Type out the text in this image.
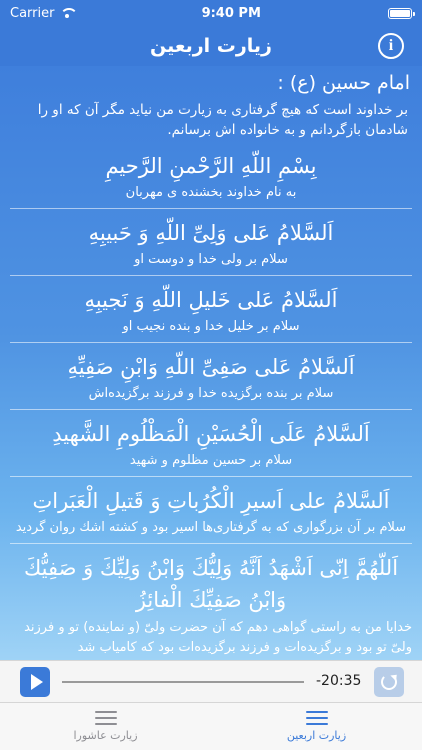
Carrier	9:40 PM
زیارت اربعین	i
امام حسین (ع) :
بر خداوند است که هیچ گرفتاری به زیارت من نیاید مگر آن که او را شادمان بازگردانم و به خانواده اش برسانم.
بِسْمِ اللّهِ الرَّحْمنِ الرَّحيمِ
به نام خداوند بخشنده ی مهربان
اَلسَّلامُ عَلی وَلِیِّ اللّهِ وَ حَبيبِهِ
سلام بر ولی خدا و دوست او
اَلسَّلامُ عَلی خَليلِ اللّهِ وَ نَجيبِهِ
سلام بر خلیل خدا و بنده نجیب او
اَلسَّلامُ عَلی صَفِیِّ اللّهِ وَابْنِ صَفِيِّهِ
سلام بر بنده برگزیده خدا و فرزند برگزیده‌اش
اَلسَّلامُ عَلَی الْحُسَيْنِ الْمَظْلُومِ الشَّهيدِ
سلام بر حسین مظلوم و شهید
اَلسَّلامُ علی اَسيرِ الْكُرُباتِ وَ قَتيلِ الْعَبَراتِ
سلام بر آن بزرگواری که به گرفتاری‌ها اسیر بود و کشته اشك روان گردید
اَللّهُمَّ اِنّی اَشْهَدُ اَنَّهُ وَلِيُّكَ وَابْنُ وَلِيِّكَ وَ صَفِيُّكَ وَابْنُ صَفِيِّكَ الْفائِزُ
خدایا من به راستی گواهی دهم که آن حضرت ولیّ (و نماینده) تو و فرزند ولیّ تو بود و برگزیده‌ات و فرزند برگزیده‌ات بود که کامیاب شد
-20:35
زیارت عاشورا	زیارت اربعین
